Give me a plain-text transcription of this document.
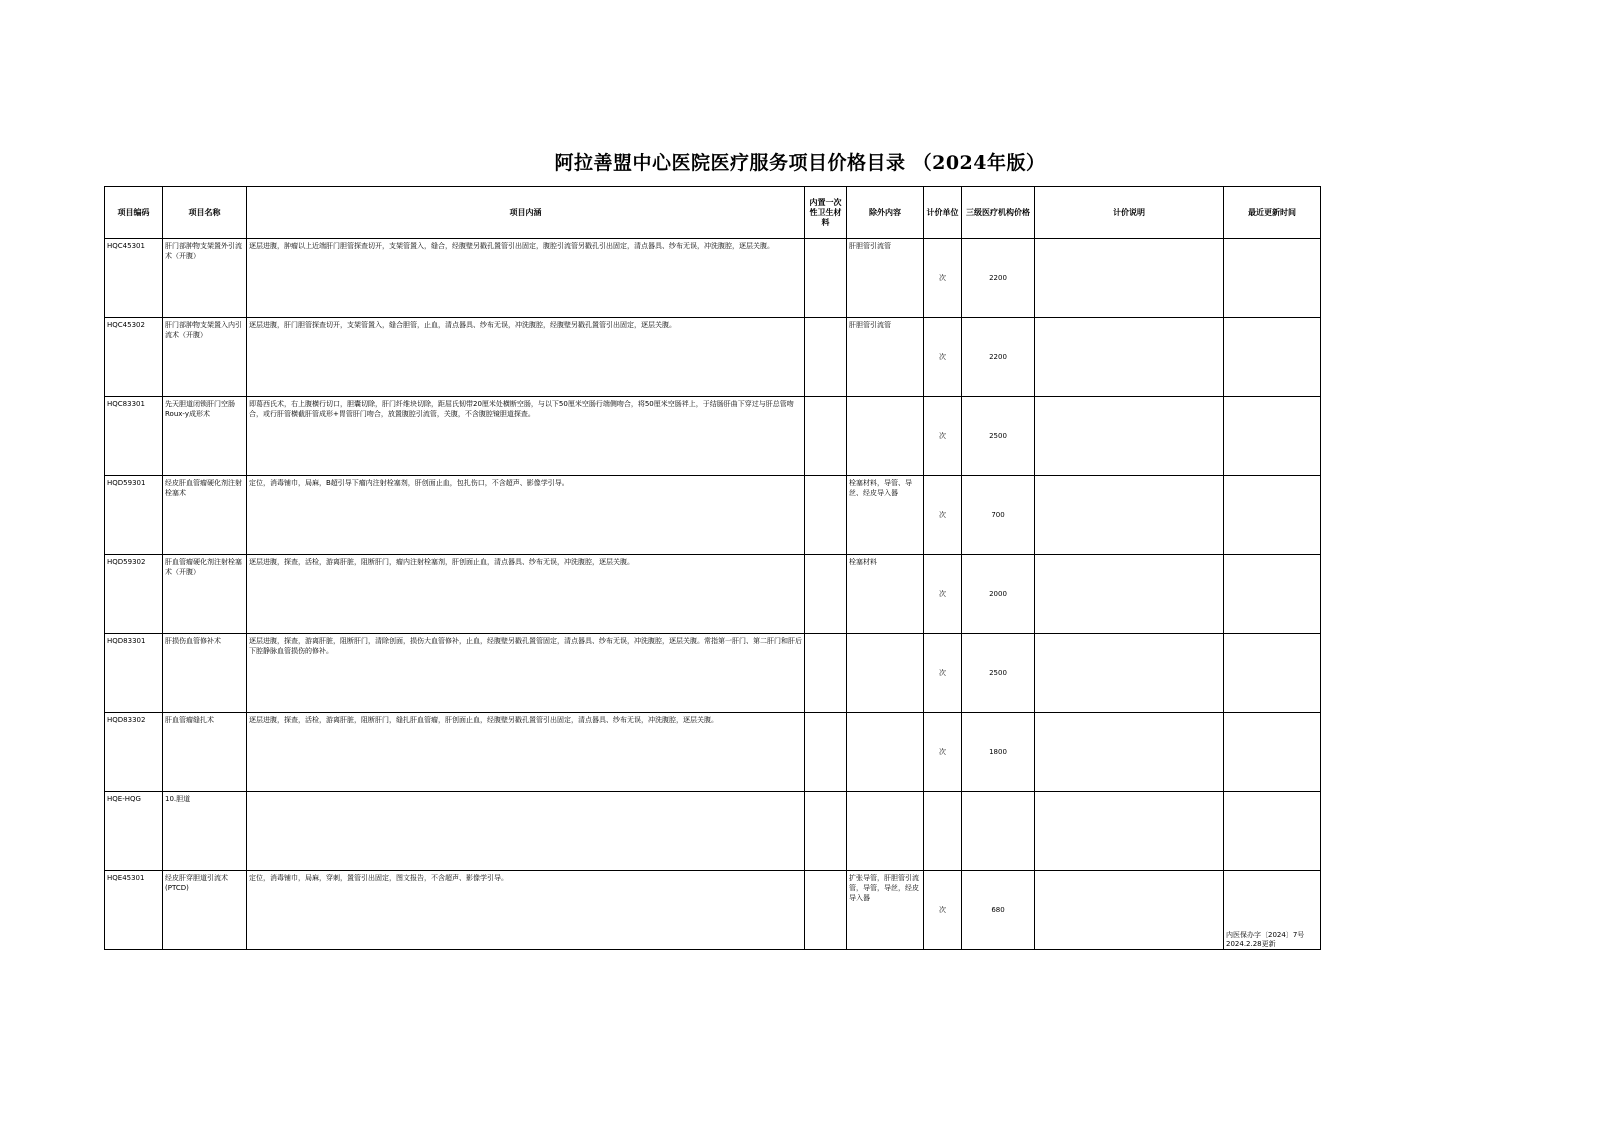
阿拉善盟中心医院医疗服务项目价格目录 （2024年版）
项目编码	项目名称	项目内涵	内置一次性卫生材料	除外内容	计价单位	三级医疗机构价格	计价说明	最近更新时间
HQC45301	肝门部肿物支架置外引流术（开腹）	逐层进腹，肿瘤以上近端肝门胆管探查切开，支架管置入，缝合，经腹壁另戳孔置管引出固定，腹腔引流管另戳孔引出固定，清点器具、纱布无误，冲洗腹腔，逐层关腹。		肝胆管引流管	次	2200		
HQC45302	肝门部肿物支架置入内引流术（开腹）	逐层进腹，肝门胆管探查切开，支架管置入，缝合胆管，止血，清点器具、纱布无误，冲洗腹腔，经腹壁另戳孔置管引出固定，逐层关腹。		肝胆管引流管	次	2200		
HQC83301	先天胆道闭锁肝门空肠Roux-y成形术	即葛西氏术，右上腹横行切口，胆囊切除，肝门纤维块切除，距屈氏韧带20厘米处横断空肠，与以下50厘米空肠行端侧吻合，将50厘米空肠袢上，于结肠肝曲下穿过与肝总管吻合，或行肝管横截肝管成形+胃管肝门吻合，放置腹腔引流管，关腹，不含腹腔镜胆道探查。			次	2500		
HQD59301	经皮肝血管瘤硬化剂注射栓塞术	定位，消毒铺巾，局麻，B超引导下瘤内注射栓塞剂，肝创面止血，包扎伤口，不含超声、影像学引导。		栓塞材料，导管、导丝、经皮导入器	次	700		
HQD59302	肝血管瘤硬化剂注射栓塞术（开腹）	逐层进腹，探查，活检，游离肝脏，阻断肝门，瘤内注射栓塞剂，肝创面止血，清点器具、纱布无误，冲洗腹腔，逐层关腹。		栓塞材料	次	2000		
HQD83301	肝损伤血管修补术	逐层进腹，探查，游离肝脏，阻断肝门，清除创面，损伤大血管修补，止血，经腹壁另戳孔置管固定，清点器具、纱布无误，冲洗腹腔，逐层关腹。常指第一肝门、第二肝门和肝后下腔静脉血管损伤的修补。			次	2500		
HQD83302	肝血管瘤缝扎术	逐层进腹，探查，活检，游离肝脏，阻断肝门，缝扎肝血管瘤，肝创面止血，经腹壁另戳孔置管引出固定，清点器具、纱布无误，冲洗腹腔，逐层关腹。			次	1800		
HQE-HQG	10.胆道							
HQE45301	经皮肝穿胆道引流术(PTCD)	定位，消毒铺巾，局麻，穿刺，置管引出固定，图文报告，不含超声、影像学引导。		扩张导管，肝胆管引流管，导管，导丝，经皮导入器	次	680		内医保办字〔2024〕7号 2024.2.28更新
